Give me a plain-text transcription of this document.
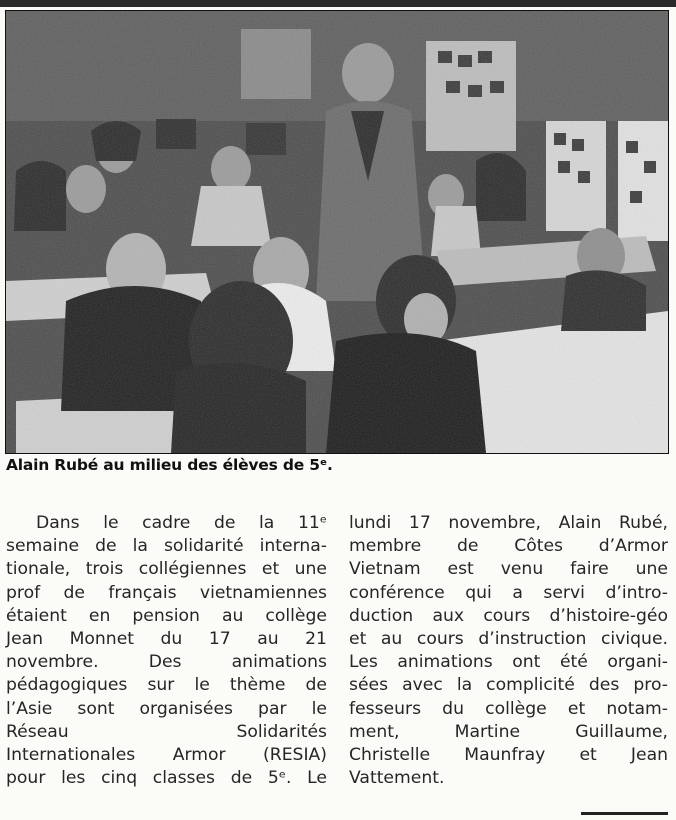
Alain Rubé au milieu des élèves de 5ᵉ.
Dans le cadre de la 11ᵉ
semaine de la solidarité interna-
tionale, trois collégiennes et une
prof de français vietnamiennes
étaient en pension au collège
Jean Monnet du 17 au 21
novembre. Des animations
pédagogiques sur le thème de
l’Asie sont organisées par le
Réseau Solidarités
Internationales Armor (RESIA)
pour les cinq classes de 5ᵉ. Le
lundi 17 novembre, Alain Rubé,
membre de Côtes d’Armor
Vietnam est venu faire une
conférence qui a servi d’intro-
duction aux cours d’histoire-géo
et au cours d’instruction civique.
Les animations ont été organi-
sées avec la complicité des pro-
fesseurs du collège et notam-
ment, Martine Guillaume,
Christelle Maunfray et Jean
Vattement.
